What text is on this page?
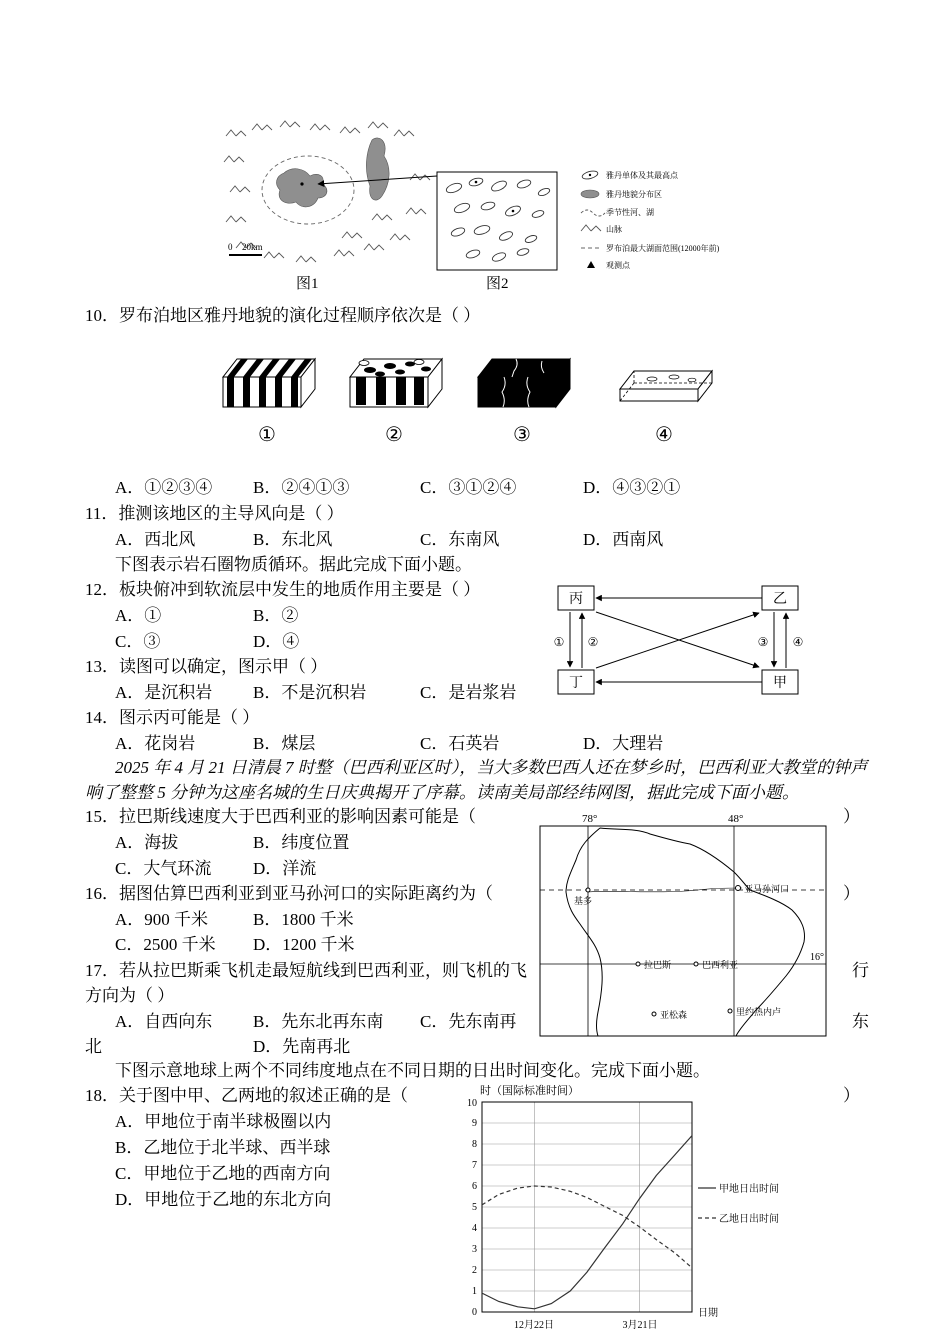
0 20km
雅丹单体及其最高点
雅丹地貌分布区
季节性河、湖
山脉
罗布泊最大湖面范围(12000年前)
观测点
图1	图2
10．罗布泊地区雅丹地貌的演化过程顺序依次是（ ）
①	②	③	④
A．①②③④ B．②④①③	C．③①②④	D．④③②①
11．推测该地区的主导风向是（ ）
A．西北风	B．东北风	C．东南风	D．西南风
下图表示岩石圈物质循环。据此完成下面小题。
12．板块俯冲到软流层中发生的地质作用主要是（ ）
A．①	B．②
C．③	D．④
丙	乙
丁	甲
① ②	③ ④
13．读图可以确定，图示甲（ ）
A．是沉积岩 B．不是沉积岩	C．是岩浆岩
14．图示丙可能是（ ）
A．花岗岩	B．煤层	C．石英岩	D．大理岩
2025 年 4 月 21 日清晨 7 时整（巴西利亚区时），当大多数巴西人还在梦乡时，巴西利亚大教堂的钟声
响了整整 5 分钟为这座名城的生日庆典揭开了序幕。读南美局部经纬网图，据此完成下面小题。
15．拉巴斯线速度大于巴西利亚的影响因素可能是（	）
A．海拔	B．纬度位置
C．大气环流 D．洋流
16．据图估算巴西利亚到亚马孙河口的实际距离约为（	）
A．900 千米	B．1800 千米
C．2500 千米 D．1200 千米
78°	48°
16°
基多
亚马孙河口
拉巴斯	巴西利亚
亚松森	里约热内卢
17．若从拉巴斯乘飞机走最短航线到巴西利亚，则飞机的飞	行
方向为（ ）
A．自西向东 B．先东北再东南 C．先东南再	东
北	D．先南再北
下图示意地球上两个不同纬度地点在不同日期的日出时间变化。完成下面小题。
18．关于图中甲、乙两地的叙述正确的是（	）
A．甲地位于南半球极圈以内
B．乙地位于北半球、西半球
C．甲地位于乙地的西南方向
D．甲地位于乙地的东北方向
时（国际标准时间）
0
1
2
3
4
5
6
7
8
9
10
12月22日	3月21日
日期
甲地日出时间
乙地日出时间
